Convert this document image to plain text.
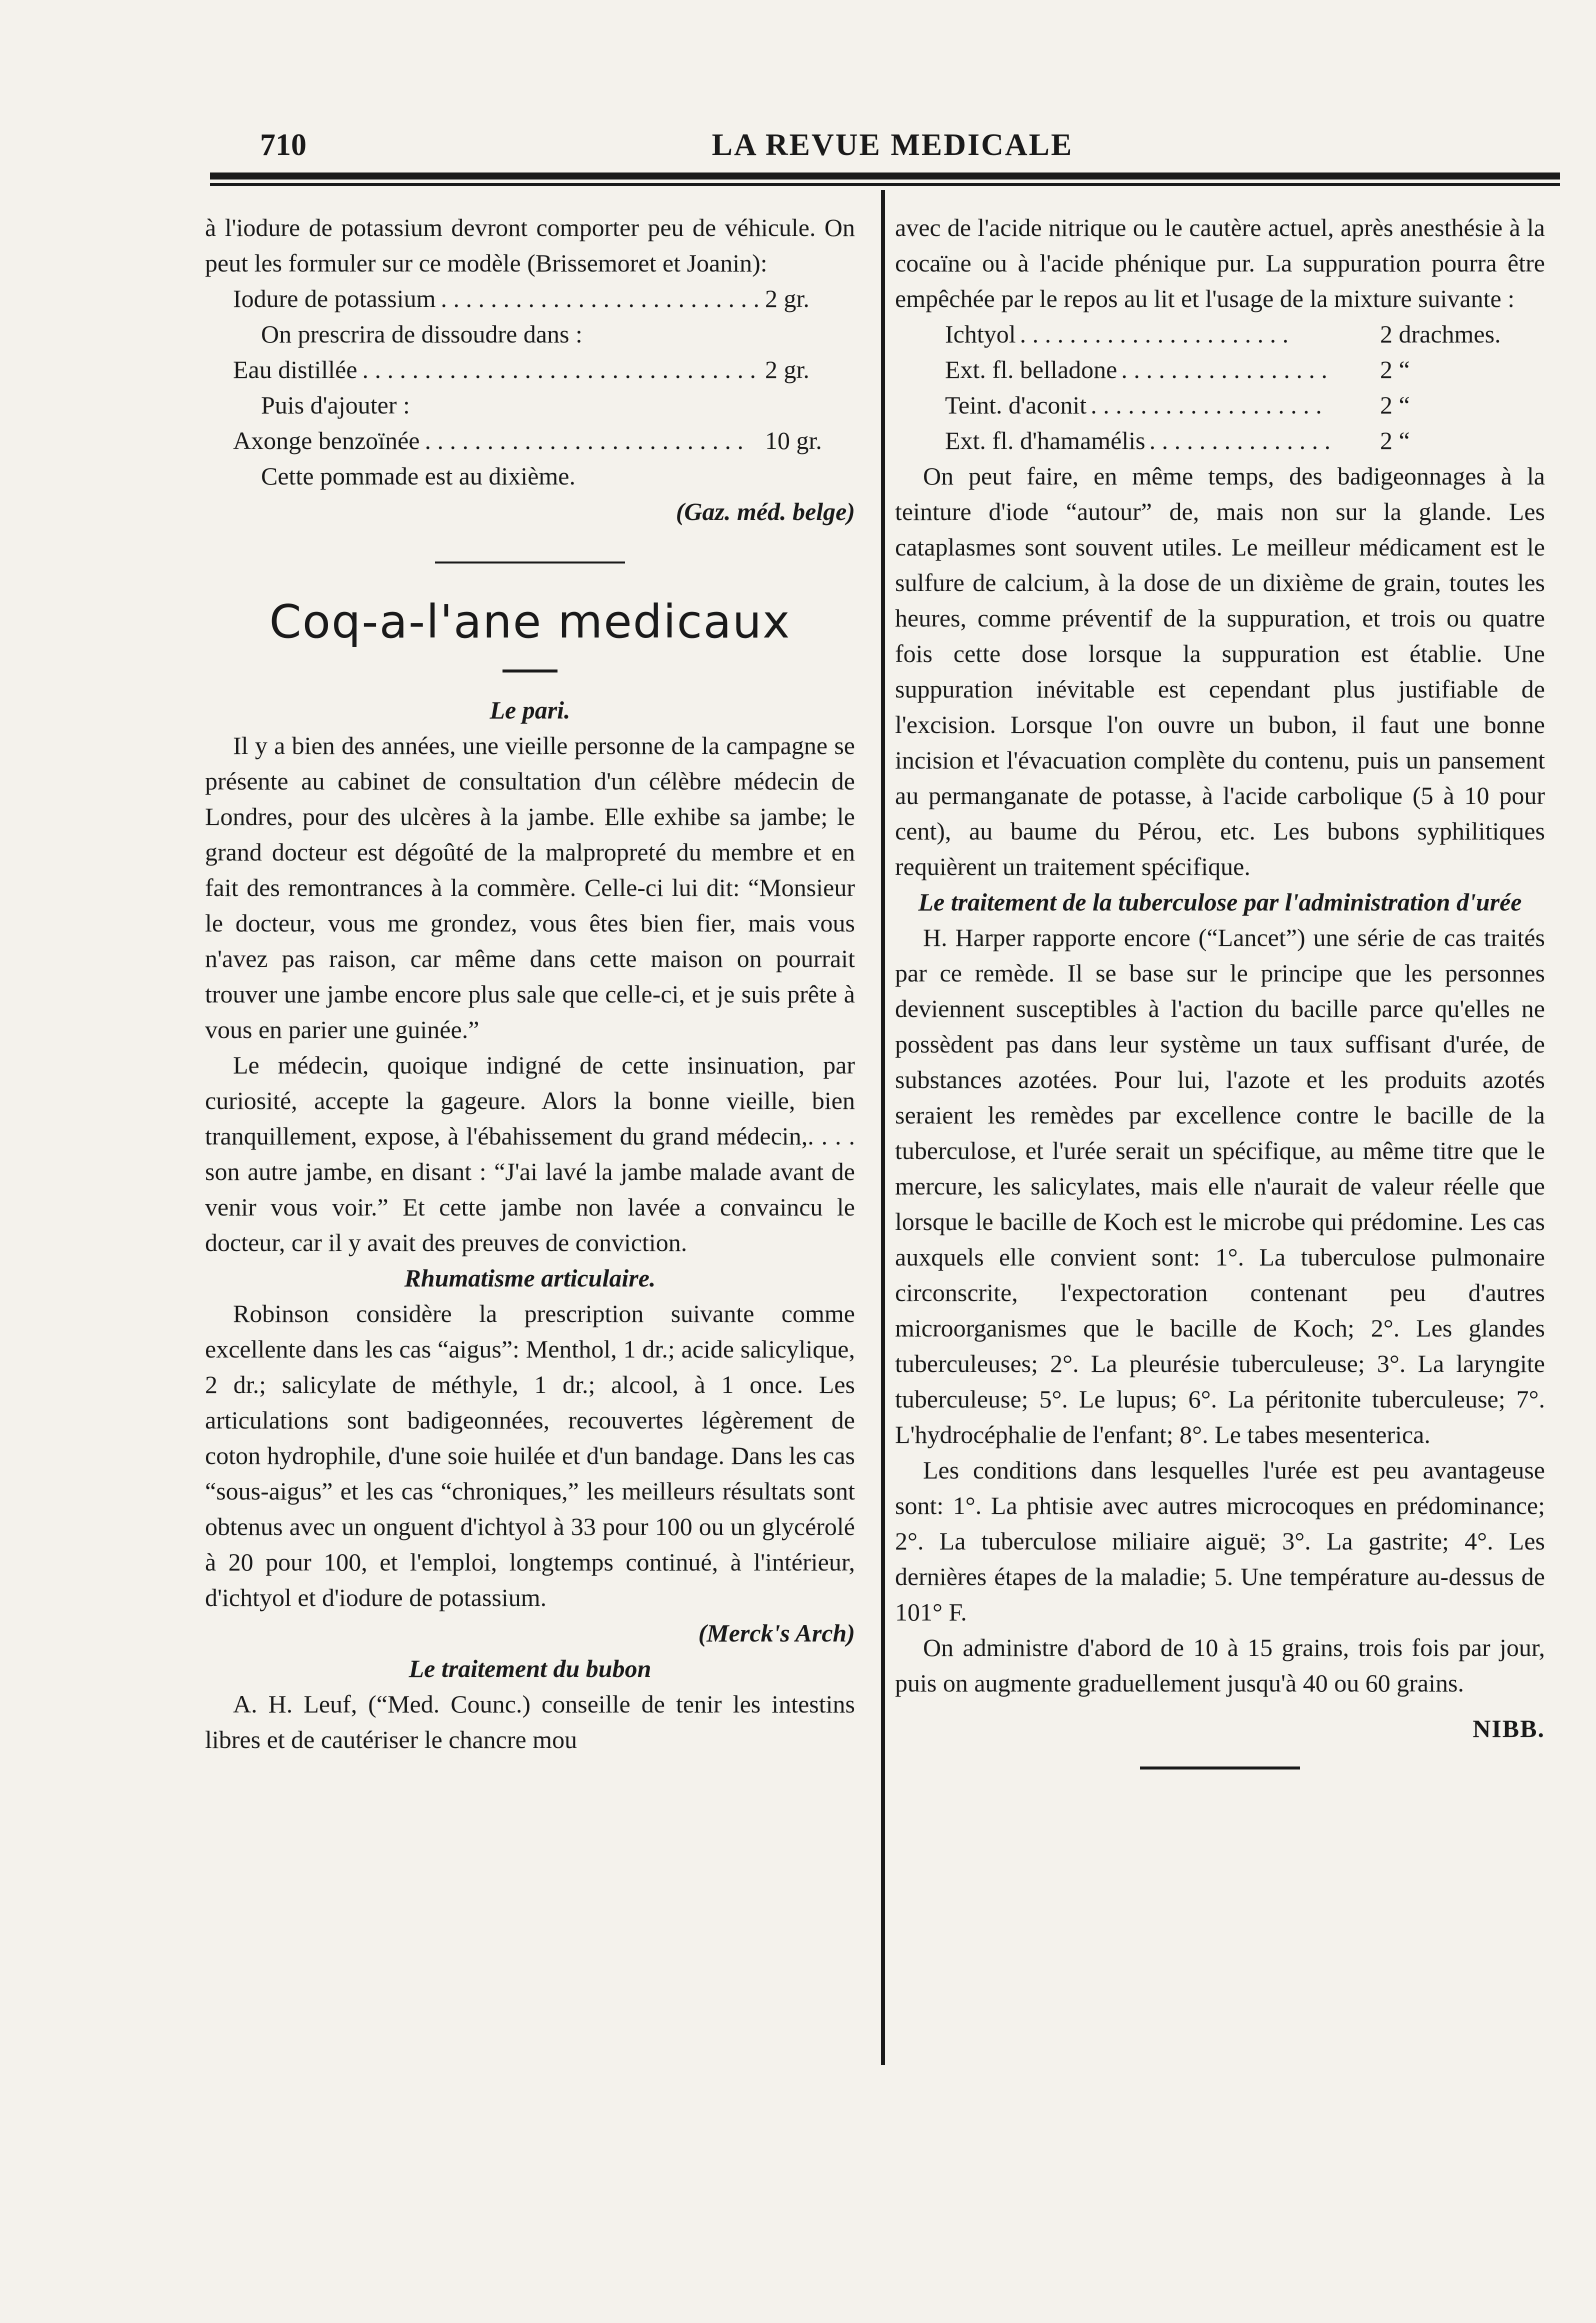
710	LA REVUE MEDICALE

à l'iodure de potassium devront comporter peu de véhicule. On peut les formuler sur ce modèle (Brissemoret et Joanin):

Iodure de potassium . . . . . . . . . . . . . . . . . . . . . . . . . . 2 gr.

On prescrira de dissoudre dans :

Eau distillée . . . . . . . . . . . . . . . . . . . . . . . . . . . . . . . . 2 gr.

Puis d'ajouter :

Axonge benzoïnée . . . . . . . . . . . . . . . . . . . . . . . . . . 10 gr.

Cette pommade est au dixième.

(Gaz. méd. belge)

Coq-a-l'ane medicaux

Le pari.

Il y a bien des années, une vieille personne de la campagne se présente au cabinet de consultation d'un célèbre médecin de Londres, pour des ulcères à la jambe. Elle exhibe sa jambe; le grand docteur est dégoûté de la malpropreté du membre et en fait des remontrances à la commère. Celle-ci lui dit: “Monsieur le docteur, vous me grondez, vous êtes bien fier, mais vous n'avez pas raison, car même dans cette maison on pourrait trouver une jambe encore plus sale que celle-ci, et je suis prête à vous en parier une guinée.”

Le médecin, quoique indigné de cette insinuation, par curiosité, accepte la gageure. Alors la bonne vieille, bien tranquillement, expose, à l'ébahissement du grand médecin,. . . . son autre jambe, en disant : “J'ai lavé la jambe malade avant de venir vous voir.” Et cette jambe non lavée a convaincu le docteur, car il y avait des preuves de conviction.

Rhumatisme articulaire.

Robinson considère la prescription suivante comme excellente dans les cas “aigus”: Menthol, 1 dr.; acide salicylique, 2 dr.; salicylate de méthyle, 1 dr.; alcool, à 1 once. Les articulations sont badigeonnées, recouvertes légèrement de coton hydrophile, d'une soie huilée et d'un bandage. Dans les cas “sous-aigus” et les cas “chroniques,” les meilleurs résultats sont obtenus avec un onguent d'ichtyol à 33 pour 100 ou un glycérolé à 20 pour 100, et l'emploi, longtemps continué, à l'intérieur, d'ichtyol et d'iodure de potassium.

(Merck's Arch)

Le traitement du bubon

A. H. Leuf, (“Med. Counc.) conseille de tenir les intestins libres et de cautériser le chancre mou

avec de l'acide nitrique ou le cautère actuel, après anesthésie à la cocaïne ou à l'acide phénique pur. La suppuration pourra être empêchée par le repos au lit et l'usage de la mixture suivante :

Ichtyol . . . . . . . . . . . . . . . . . . . . . .	2 drachmes.
Ext. fl. belladone . . . . . . . . . . . . . . . . .	2 “
Teint. d'aconit . . . . . . . . . . . . . . . . . . .	2 “
Ext. fl. d'hamamélis . . . . . . . . . . . . . . .	2 “

On peut faire, en même temps, des badigeonnages à la teinture d'iode “autour” de, mais non sur la glande. Les cataplasmes sont souvent utiles. Le meilleur médicament est le sulfure de calcium, à la dose de un dixième de grain, toutes les heures, comme préventif de la suppuration, et trois ou quatre fois cette dose lorsque la suppuration est établie. Une suppuration inévitable est cependant plus justifiable de l'excision. Lorsque l'on ouvre un bubon, il faut une bonne incision et l'évacuation complète du contenu, puis un pansement au permanganate de potasse, à l'acide carbolique (5 à 10 pour cent), au baume du Pérou, etc. Les bubons syphilitiques requièrent un traitement spécifique.

Le traitement de la tuberculose par l'administration d'urée

H. Harper rapporte encore (“Lancet”) une série de cas traités par ce remède. Il se base sur le principe que les personnes deviennent susceptibles à l'action du bacille parce qu'elles ne possèdent pas dans leur système un taux suffisant d'urée, de substances azotées. Pour lui, l'azote et les produits azotés seraient les remèdes par excellence contre le bacille de la tuberculose, et l'urée serait un spécifique, au même titre que le mercure, les salicylates, mais elle n'aurait de valeur réelle que lorsque le bacille de Koch est le microbe qui prédomine. Les cas auxquels elle convient sont: 1°. La tuberculose pulmonaire circonscrite, l'expectoration contenant peu d'autres microorganismes que le bacille de Koch; 2°. Les glandes tuberculeuses; 2°. La pleurésie tuberculeuse; 3°. La laryngite tuberculeuse; 5°. Le lupus; 6°. La péritonite tuberculeuse; 7°. L'hydrocéphalie de l'enfant; 8°. Le tabes mesenterica.

Les conditions dans lesquelles l'urée est peu avantageuse sont: 1°. La phtisie avec autres microcoques en prédominance; 2°. La tuberculose miliaire aiguë; 3°. La gastrite; 4°. Les dernières étapes de la maladie; 5. Une température au-dessus de 101° F.

On administre d'abord de 10 à 15 grains, trois fois par jour, puis on augmente graduellement jusqu'à 40 ou 60 grains.

NIBB.
